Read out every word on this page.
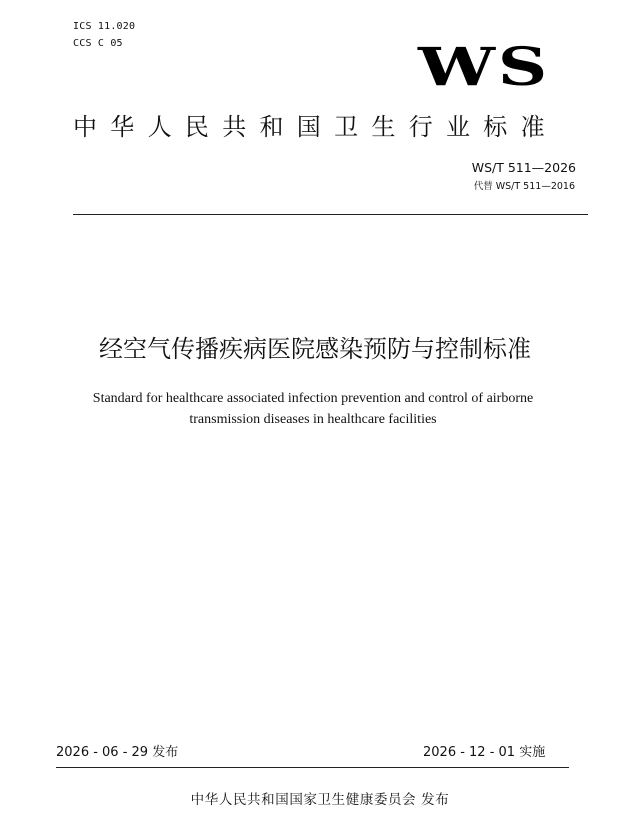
ICS 11.020
CCS C 05	WS
中华人民共和国卫生行业标准
WS/T 511—2026
代替 WS/T 511—2016
经空气传播疾病医院感染预防与控制标准
Standard for healthcare associated infection prevention and control of airborne
transmission diseases in healthcare facilities
2026 - 06 - 29 发布	2026 - 12 - 01 实施
中华人民共和国国家卫生健康委员会 发布
